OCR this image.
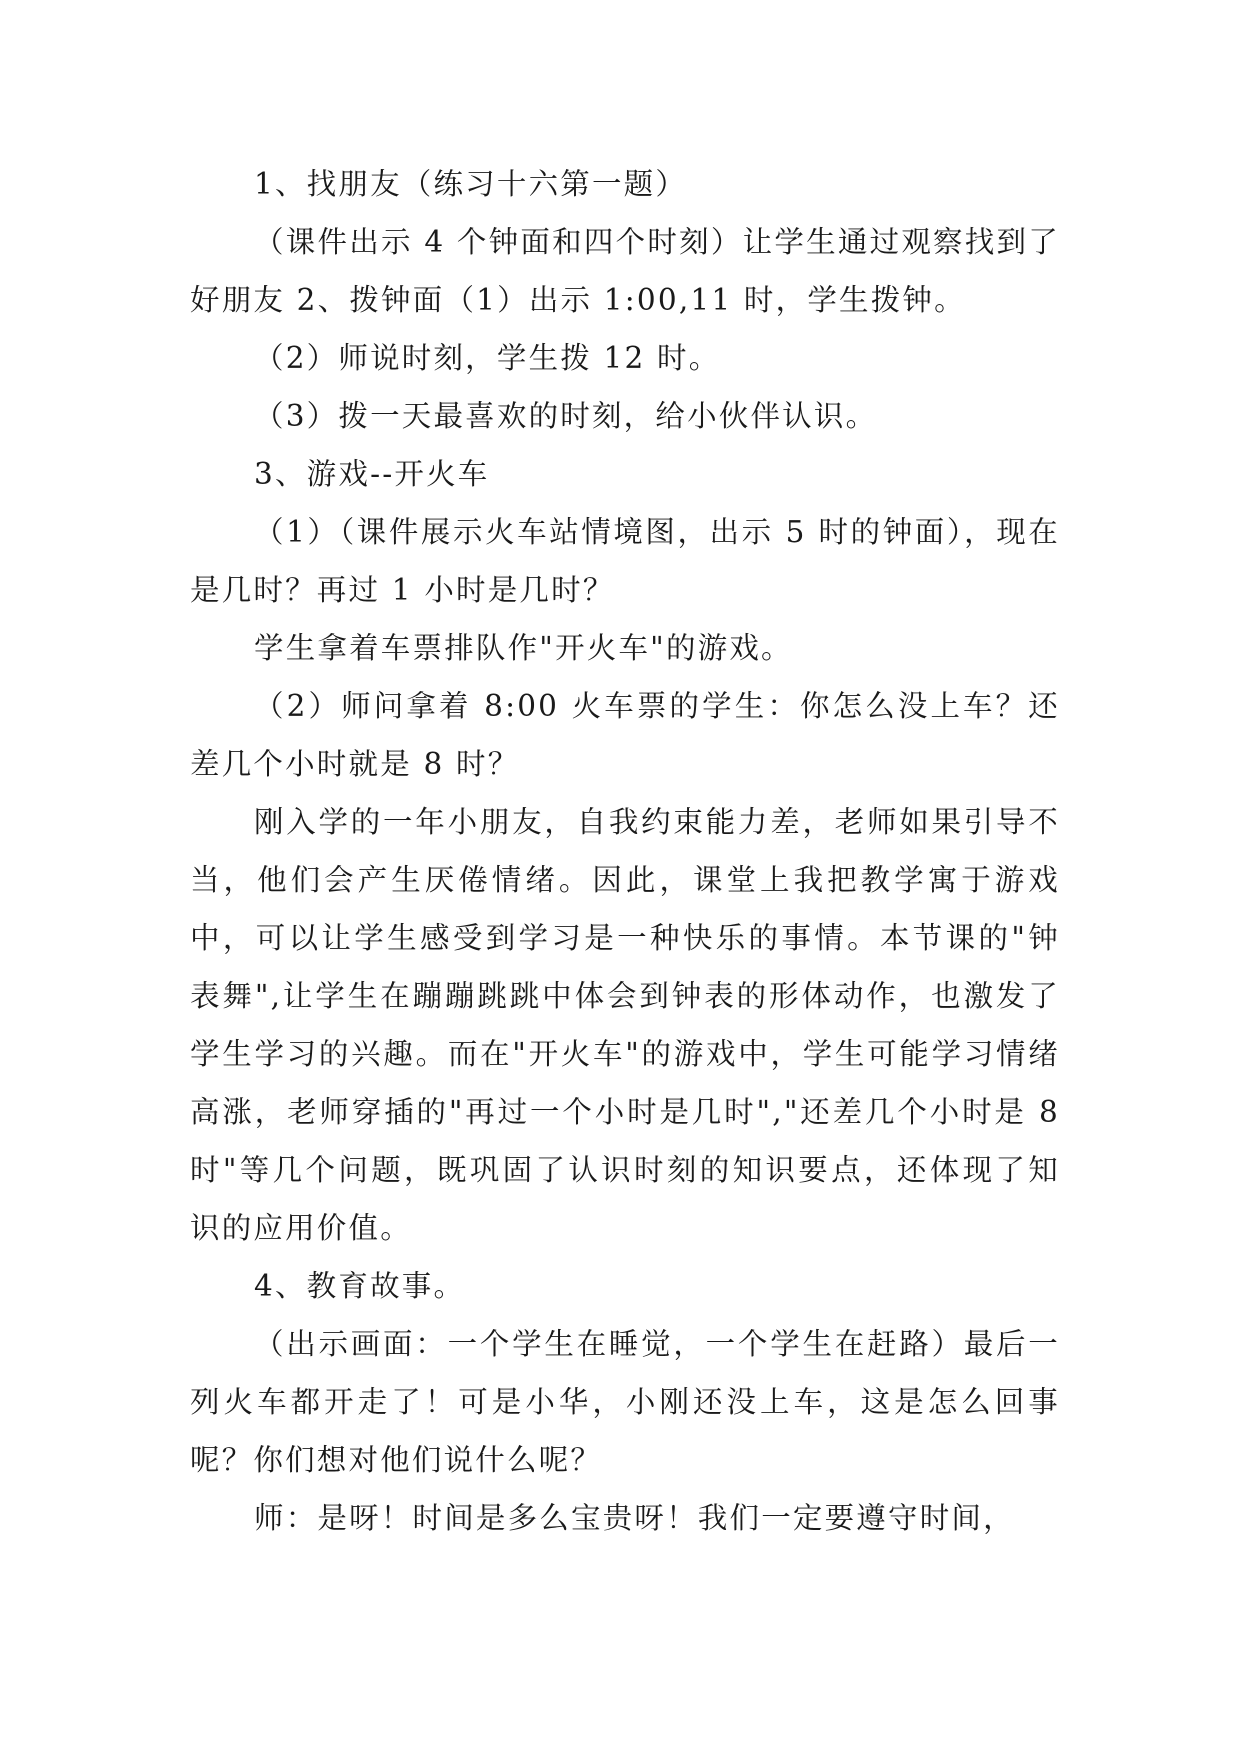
1、找朋友（练习十六第一题）

（课件出示 4 个钟面和四个时刻）让学生通过观察找到了好朋友 2、拨钟面（1）出示 1:00,11 时，学生拨钟。

（2）师说时刻，学生拨 12 时。

（3）拨一天最喜欢的时刻，给小伙伴认识。

3、游戏--开火车

（1）（课件展示火车站情境图，出示 5 时的钟面），现在是几时？再过 1 小时是几时？

学生拿着车票排队作"开火车"的游戏。

（2）师问拿着 8:00 火车票的学生：你怎么没上车？还差几个小时就是 8 时？

刚入学的一年小朋友，自我约束能力差，老师如果引导不当，他们会产生厌倦情绪。因此，课堂上我把教学寓于游戏中，可以让学生感受到学习是一种快乐的事情。本节课的"钟表舞",让学生在蹦蹦跳跳中体会到钟表的形体动作，也激发了学生学习的兴趣。而在"开火车"的游戏中，学生可能学习情绪高涨，老师穿插的"再过一个小时是几时","还差几个小时是 8 时"等几个问题，既巩固了认识时刻的知识要点，还体现了知识的应用价值。

4、教育故事。

（出示画面：一个学生在睡觉，一个学生在赶路）最后一列火车都开走了！可是小华，小刚还没上车，这是怎么回事呢？你们想对他们说什么呢？

师：是呀！时间是多么宝贵呀！我们一定要遵守时间，
